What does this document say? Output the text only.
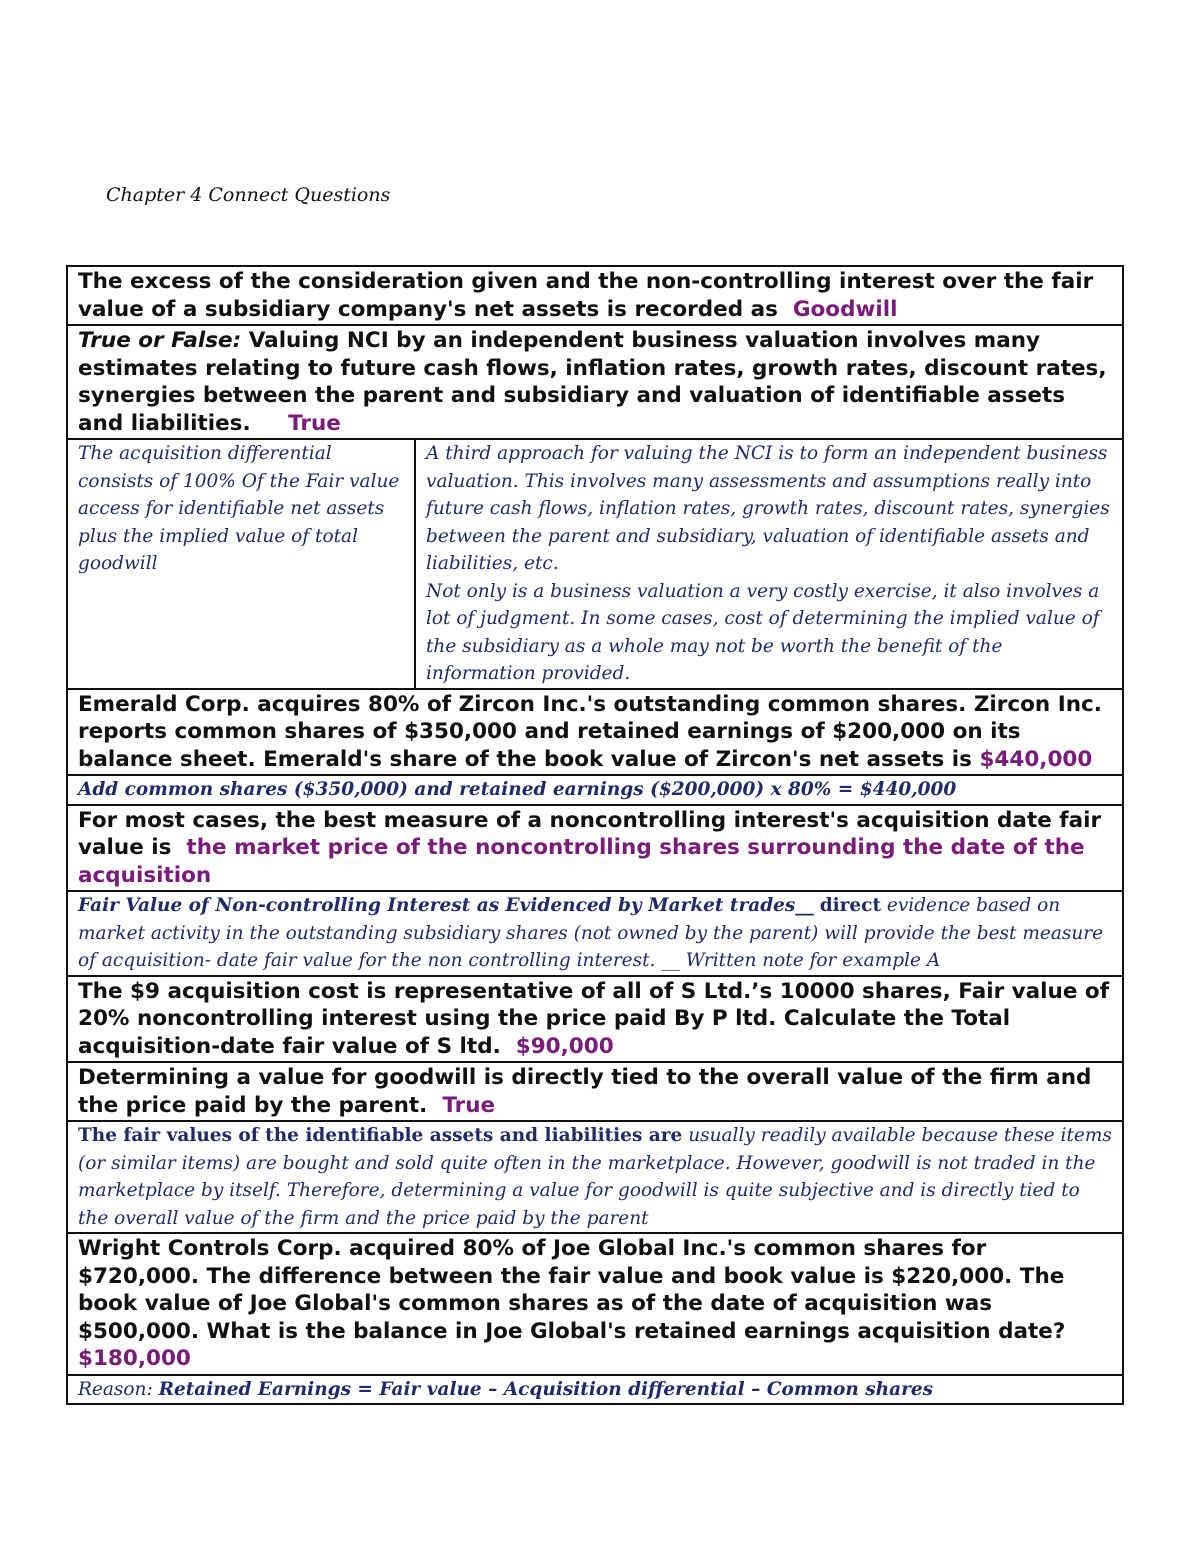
Chapter 4 Connect Questions
The excess of the consideration given and the non-controlling interest over the fair value of a subsidiary company's net assets is recorded as Goodwill
True or False: Valuing NCI by an independent business valuation involves many estimates relating to future cash flows, inflation rates, growth rates, discount rates, synergies between the parent and subsidiary and valuation of identifiable assets and liabilities. True
The acquisition differential consists of 100% Of the Fair value access for identifiable net assets plus the implied value of total goodwill
A third approach for valuing the NCI is to form an independent business valuation. This involves many assessments and assumptions really into future cash flows, inflation rates, growth rates, discount rates, synergies between the parent and subsidiary, valuation of identifiable assets and liabilities, etc.
Not only is a business valuation a very costly exercise, it also involves a lot of judgment. In some cases, cost of determining the implied value of the subsidiary as a whole may not be worth the benefit of the information provided.
Emerald Corp. acquires 80% of Zircon Inc.'s outstanding common shares. Zircon Inc. reports common shares of $350,000 and retained earnings of $200,000 on its balance sheet. Emerald's share of the book value of Zircon's net assets is $440,000
Add common shares ($350,000) and retained earnings ($200,000) x 80% = $440,000
For most cases, the best measure of a noncontrolling interest's acquisition date fair value is the market price of the noncontrolling shares surrounding the date of the acquisition
Fair Value of Non-controlling Interest as Evidenced by Market trades__ direct evidence based on market activity in the outstanding subsidiary shares (not owned by the parent) will provide the best measure of acquisition- date fair value for the non controlling interest. __ Written note for example A
The $9 acquisition cost is representative of all of S Ltd.’s 10000 shares, Fair value of 20% noncontrolling interest using the price paid By P ltd. Calculate the Total acquisition-date fair value of S ltd. $90,000
Determining a value for goodwill is directly tied to the overall value of the firm and the price paid by the parent. True
The fair values of the identifiable assets and liabilities are usually readily available because these items (or similar items) are bought and sold quite often in the marketplace. However, goodwill is not traded in the marketplace by itself. Therefore, determining a value for goodwill is quite subjective and is directly tied to the overall value of the firm and the price paid by the parent
Wright Controls Corp. acquired 80% of Joe Global Inc.'s common shares for $720,000. The difference between the fair value and book value is $220,000. The book value of Joe Global's common shares as of the date of acquisition was $500,000. What is the balance in Joe Global's retained earnings acquisition date?  $180,000
Reason: Retained Earnings = Fair value – Acquisition differential – Common shares
